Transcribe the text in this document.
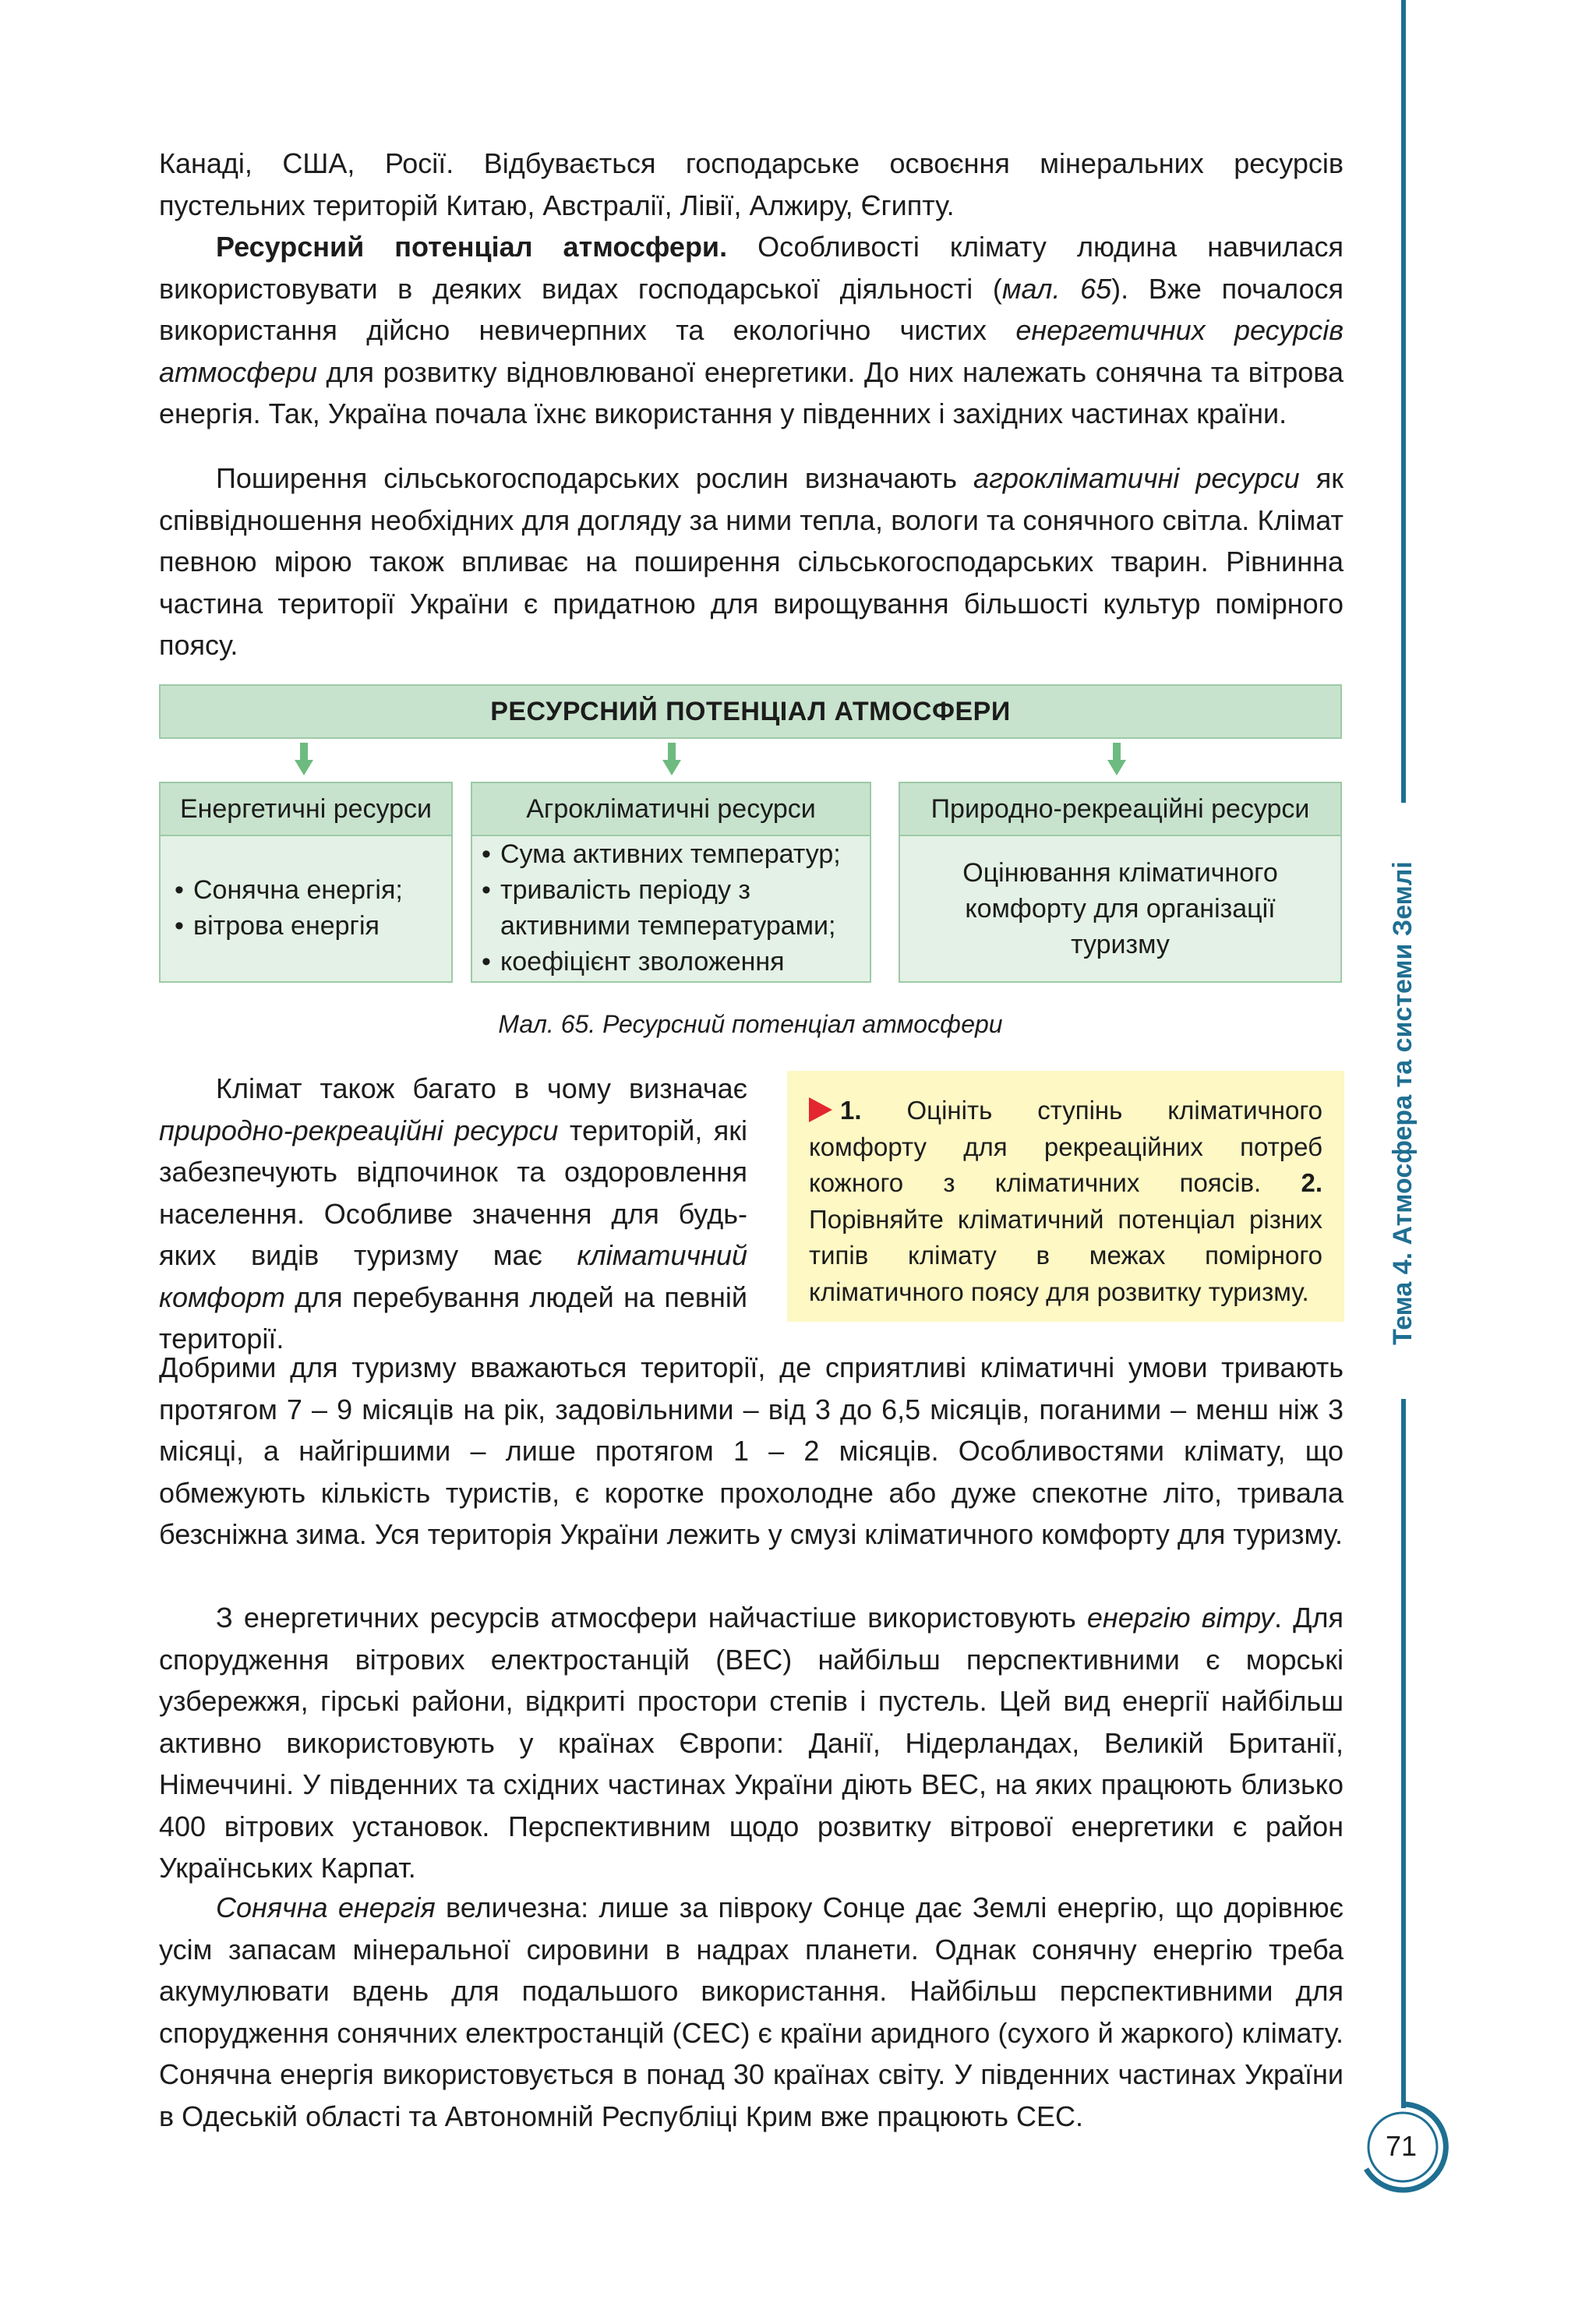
Канаді, США, Росії. Відбувається господарське освоєння мінеральних ресурсів
пустельних територій Китаю, Австралії, Лівії, Алжиру, Єгипту.

Ресурсний потенціал атмосфери. Особливості клімату людина навчилася використовувати в деяких видах господарської діяльності (мал. 65). Вже почалося використання дійсно невичерпних та екологічно чистих енергетичних ресурсів атмосфери для розвитку відновлюваної енергетики. До них належать сонячна та вітрова енергія. Так, Україна почала їхнє використання у південних і західних частинах країни.

Поширення сільськогосподарських рослин визначають агрокліматичні ресурси як співвідношення необхідних для догляду за ними тепла, вологи та сонячного світла. Клімат певною мірою також впливає на поширення сільськогосподарських тварин. Рівнинна частина території України є придатною для вирощування більшості культур помірного поясу.

РЕСУРСНИЙ ПОТЕНЦІАЛ АТМОСФЕРИ
Енергетичні ресурси
• Сонячна енергія;
• вітрова енергія
Агрокліматичні ресурси
• Сума активних температур;
• тривалість періоду з активними температурами;
• коефіцієнт зволоження
Природно-рекреаційні ресурси
Оцінювання кліматичного комфорту для організації туризму
Мал. 65. Ресурсний потенціал атмосфери

Клімат також багато в чому визначає природно-рекреаційні ресурси територій, які забезпечують відпочинок та оздоровлення населення. Особливе значення для будь-яких видів туризму має кліматичний комфорт для перебування людей на певній території.

1. Оцініть ступінь кліматичного комфорту для рекреаційних потреб кожного з кліматичних поясів. 2. Порівняйте кліматичний потенціал різних типів клімату в межах помірного кліматичного поясу для розвитку туризму.

Добрими для туризму вважаються території, де сприятливі кліматичні умови тривають протягом 7 – 9 місяців на рік, задовільними – від 3 до 6,5 місяців, поганими – менш ніж 3 місяці, а найгіршими – лише протягом 1 – 2 місяців. Особливостями клімату, що обмежують кількість туристів, є коротке прохолодне або дуже спекотне літо, тривала безсніжна зима. Уся територія України лежить у смузі кліматичного комфорту для туризму.

З енергетичних ресурсів атмосфери найчастіше використовують енергію вітру. Для спорудження вітрових електростанцій (ВЕС) найбільш перспективними є морські узбережжя, гірські райони, відкриті простори степів і пустель. Цей вид енергії найбільш активно використовують у країнах Європи: Данії, Нідерландах, Великій Британії, Німеччині. У південних та східних частинах України діють ВЕС, на яких працюють близько 400 вітрових установок. Перспективним щодо розвитку вітрової енергетики є район Українських Карпат.

Сонячна енергія величезна: лише за півроку Сонце дає Землі енергію, що дорівнює усім запасам мінеральної сировини в надрах планети. Однак сонячну енергію треба акумулювати вдень для подальшого використання. Найбільш перспективними для спорудження сонячних електростанцій (СЕС) є країни аридного (сухого й жаркого) клімату. Сонячна енергія використовується в понад 30 країнах світу. У південних частинах України в Одеській області та Автономній Республіці Крим вже працюють СЕС.

Тема 4. Атмосфера та системи Землі
71
